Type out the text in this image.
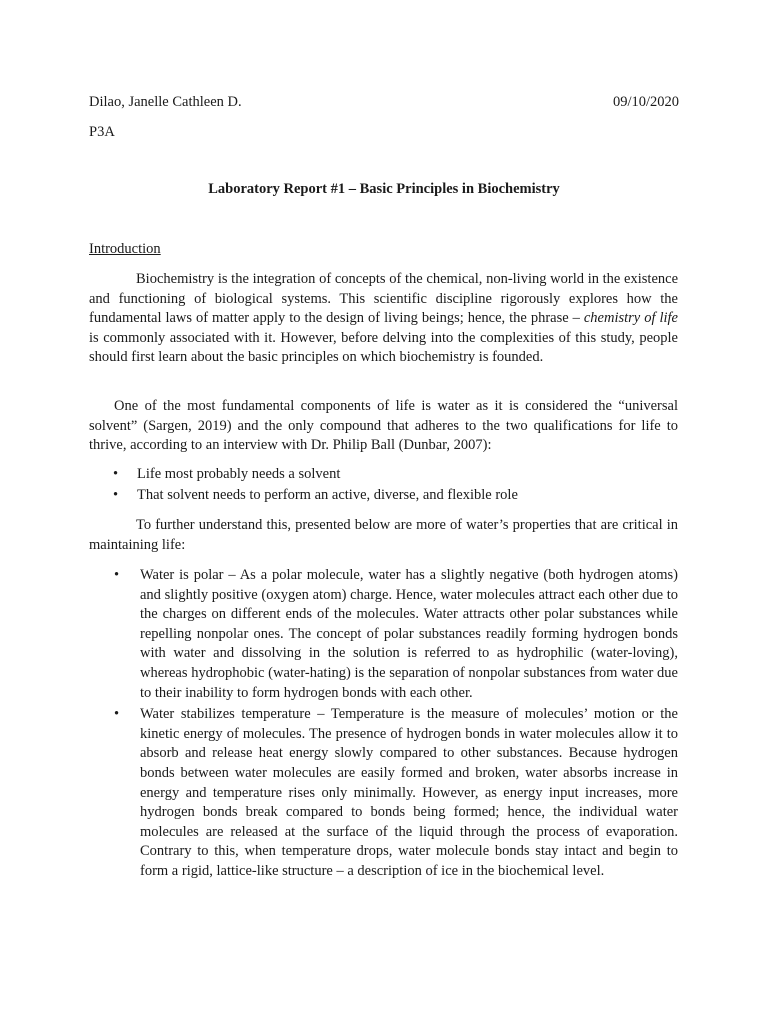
Dilao, Janelle Cathleen D.	09/10/2020
P3A
Laboratory Report #1 – Basic Principles in Biochemistry
Introduction

Biochemistry is the integration of concepts of the chemical, non-living world in the existence and functioning of biological systems. This scientific discipline rigorously explores how the fundamental laws of matter apply to the design of living beings; hence, the phrase – chemistry of life is commonly associated with it. However, before delving into the complexities of this study, people should first learn about the basic principles on which biochemistry is founded.

One of the most fundamental components of life is water as it is considered the “universal solvent” (Sargen, 2019) and the only compound that adheres to the two qualifications for life to thrive, according to an interview with Dr. Philip Ball (Dunbar, 2007):

• Life most probably needs a solvent
• That solvent needs to perform an active, diverse, and flexible role

To further understand this, presented below are more of water’s properties that are critical in maintaining life:

• Water is polar – As a polar molecule, water has a slightly negative (both hydrogen atoms) and slightly positive (oxygen atom) charge. Hence, water molecules attract each other due to the charges on different ends of the molecules. Water attracts other polar substances while repelling nonpolar ones. The concept of polar substances readily forming hydrogen bonds with water and dissolving in the solution is referred to as hydrophilic (water-loving), whereas hydrophobic (water-hating) is the separation of nonpolar substances from water due to their inability to form hydrogen bonds with each other.
• Water stabilizes temperature – Temperature is the measure of molecules’ motion or the kinetic energy of molecules. The presence of hydrogen bonds in water molecules allow it to absorb and release heat energy slowly compared to other substances. Because hydrogen bonds between water molecules are easily formed and broken, water absorbs increase in energy and temperature rises only minimally. However, as energy input increases, more hydrogen bonds break compared to bonds being formed; hence, the individual water molecules are released at the surface of the liquid through the process of evaporation. Contrary to this, when temperature drops, water molecule bonds stay intact and begin to form a rigid, lattice-like structure – a description of ice in the biochemical level.
